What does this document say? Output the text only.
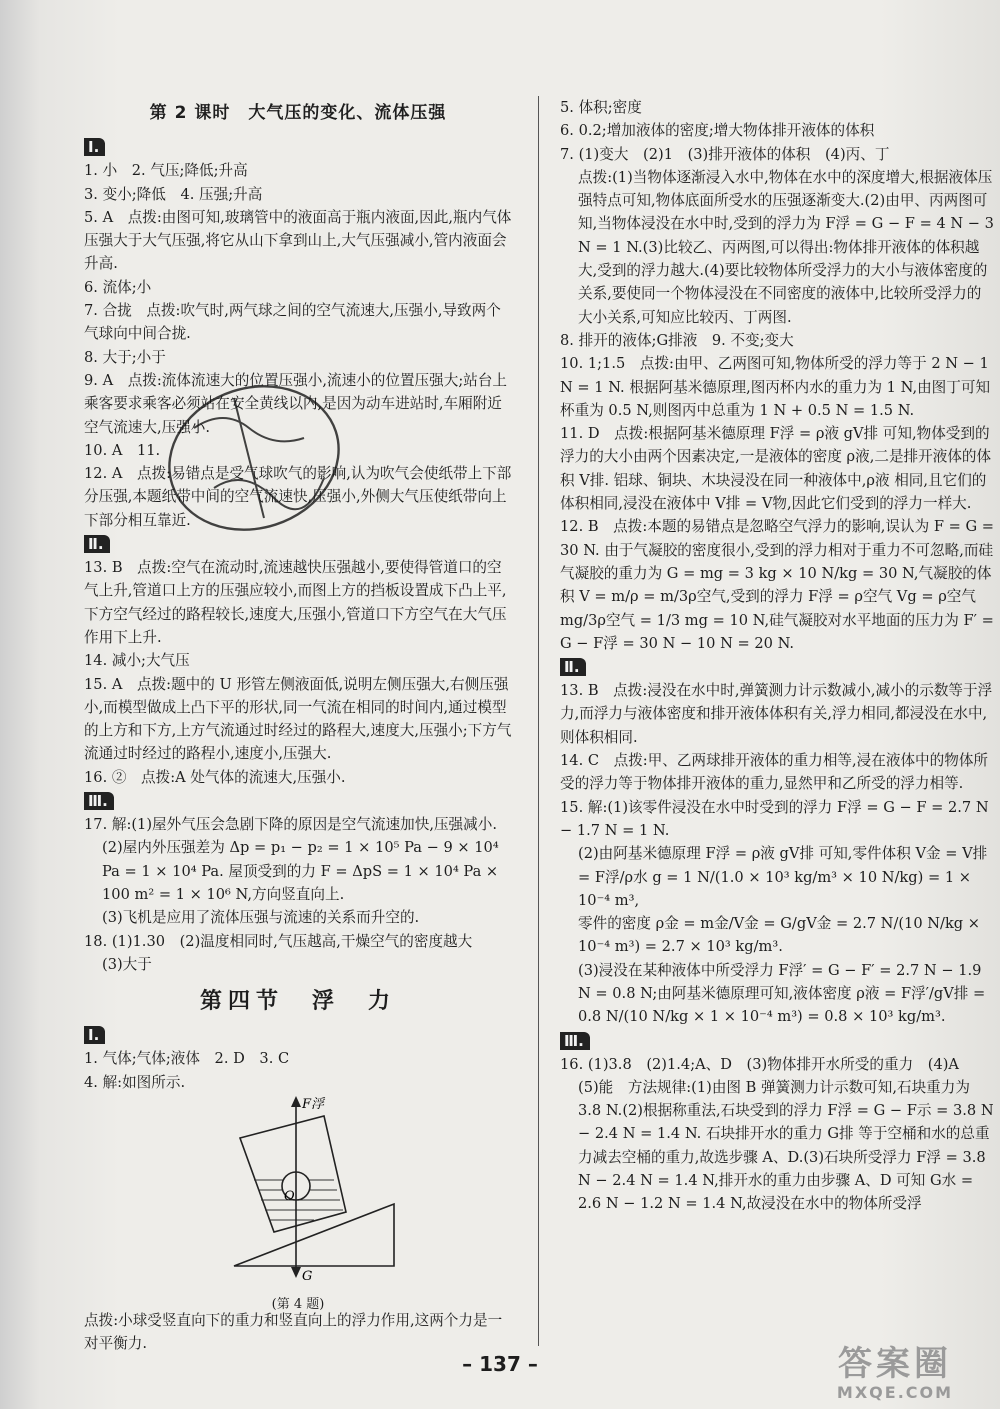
第 2 课时　大气压的变化、流体压强
Ⅰ.

1. 小　2. 气压;降低;升高

3. 变小;降低　4. 压强;升高

5. A　点拨:由图可知,玻璃管中的液面高于瓶内液面,因此,瓶内气体压强大于大气压强,将它从山下拿到山上,大气压强减小,管内液面会升高.

6. 流体;小

7. 合拢　点拨:吹气时,两气球之间的空气流速大,压强小,导致两个气球向中间合拢.

8. 大于;小于

9. A　点拨:流体流速大的位置压强小,流速小的位置压强大;站台上乘客要求乘客必须站在安全黄线以内,是因为动车进站时,车厢附近空气流速大,压强小.

10. A　11.

12. A　点拨:易错点是受气球吹气的影响,认为吹气会使纸带上下部分压强,本题纸带中间的空气流速快,压强小,外侧大气压使纸带向上下部分相互靠近.

Ⅱ.

13. B　点拨:空气在流动时,流速越快压强越小,要使得管道口的空气上升,管道口上方的压强应较小,而图上方的挡板设置成下凸上平,下方空气经过的路程较长,速度大,压强小,管道口下方空气在大气压作用下上升.

14. 减小;大气压

15. A　点拨:题中的 U 形管左侧液面低,说明左侧压强大,右侧压强小,而模型做成上凸下平的形状,同一气流在相同的时间内,通过模型的上方和下方,上方气流通过时经过的路程大,速度大,压强小;下方气流通过时经过的路程小,速度小,压强大.

16. ②　点拨:A 处气体的流速大,压强小.

Ⅲ.

17. 解:(1)屋外气压会急剧下降的原因是空气流速加快,压强减小.

(2)屋内外压强差为 Δp = p₁ − p₂ = 1 × 10⁵ Pa − 9 × 10⁴ Pa = 1 × 10⁴ Pa. 屋顶受到的力 F = ΔpS = 1 × 10⁴ Pa × 100 m² = 1 × 10⁶ N,方向竖直向上.

(3)飞机是应用了流体压强与流速的关系而升空的.

18. (1)1.30　(2)温度相同时,气压越高,干燥空气的密度越大

(3)大于

第四节　浮　力
Ⅰ.

1. 气体;气体;液体　2. D　3. C

4. 解:如图所示.

F浮
O
G
(第 4 题)

点拨:小球受竖直向下的重力和竖直向上的浮力作用,这两个力是一对平衡力.

5. 体积;密度

6. 0.2;增加液体的密度;增大物体排开液体的体积

7. (1)变大　(2)1　(3)排开液体的体积　(4)丙、丁

点拨:(1)当物体逐渐浸入水中,物体在水中的深度增大,根据液体压强特点可知,物体底面所受水的压强逐渐变大.(2)由甲、丙两图可知,当物体浸没在水中时,受到的浮力为 F浮 = G − F = 4 N − 3 N = 1 N.(3)比较乙、丙两图,可以得出:物体排开液体的体积越大,受到的浮力越大.(4)要比较物体所受浮力的大小与液体密度的关系,要使同一个物体浸没在不同密度的液体中,比较所受浮力的大小关系,可知应比较丙、丁两图.

8. 排开的液体;G排液　9. 不变;变大

10. 1;1.5　点拨:由甲、乙两图可知,物体所受的浮力等于 2 N − 1 N = 1 N. 根据阿基米德原理,图丙杯内水的重力为 1 N,由图丁可知杯重为 0.5 N,则图丙中总重为 1 N + 0.5 N = 1.5 N.

11. D　点拨:根据阿基米德原理 F浮 = ρ液 gV排 可知,物体受到的浮力的大小由两个因素决定,一是液体的密度 ρ液,二是排开液体的体积 V排. 铝球、铜块、木块浸没在同一种液体中,ρ液 相同,且它们的体积相同,浸没在液体中 V排 = V物,因此它们受到的浮力一样大.

12. B　点拨:本题的易错点是忽略空气浮力的影响,误认为 F = G = 30 N. 由于气凝胶的密度很小,受到的浮力相对于重力不可忽略,而硅气凝胶的重力为 G = mg = 3 kg × 10 N/kg = 30 N,气凝胶的体积 V = m/ρ = m/3ρ空气,受到的浮力 F浮 = ρ空气 Vg = ρ空气mg/3ρ空气 = 1/3 mg = 10 N,硅气凝胶对水平地面的压力为 F′ = G − F浮 = 30 N − 10 N = 20 N.

Ⅱ.

13. B　点拨:浸没在水中时,弹簧测力计示数减小,减小的示数等于浮力,而浮力与液体密度和排开液体体积有关,浮力相同,都浸没在水中,则体积相同.

14. C　点拨:甲、乙两球排开液体的重力相等,浸在液体中的物体所受的浮力等于物体排开液体的重力,显然甲和乙所受的浮力相等.

15. 解:(1)该零件浸没在水中时受到的浮力 F浮 = G − F = 2.7 N − 1.7 N = 1 N.

(2)由阿基米德原理 F浮 = ρ液 gV排 可知,零件体积 V金 = V排 = F浮/ρ水 g = 1 N/(1.0 × 10³ kg/m³ × 10 N/kg) = 1 × 10⁻⁴ m³,

零件的密度 ρ金 = m金/V金 = G/gV金 = 2.7 N/(10 N/kg × 10⁻⁴ m³) = 2.7 × 10³ kg/m³.

(3)浸没在某种液体中所受浮力 F浮′ = G − F′ = 2.7 N − 1.9 N = 0.8 N;由阿基米德原理可知,液体密度 ρ液 = F浮′/gV排 = 0.8 N/(10 N/kg × 1 × 10⁻⁴ m³) = 0.8 × 10³ kg/m³.

Ⅲ.

16. (1)3.8　(2)1.4;A、D　(3)物体排开水所受的重力　(4)A

(5)能　方法规律:(1)由图 B 弹簧测力计示数可知,石块重力为 3.8 N.(2)根据称重法,石块受到的浮力 F浮 = G − F示 = 3.8 N − 2.4 N = 1.4 N. 石块排开水的重力 G排 等于空桶和水的总重力减去空桶的重力,故选步骤 A、D.(3)石块所受浮力 F浮 = 3.8 N − 2.4 N = 1.4 N,排开水的重力由步骤 A、D 可知 G水 = 2.6 N − 1.2 N = 1.4 N,故浸没在水中的物体所受浮

– 137 –	答案圈
MXQE.COM
